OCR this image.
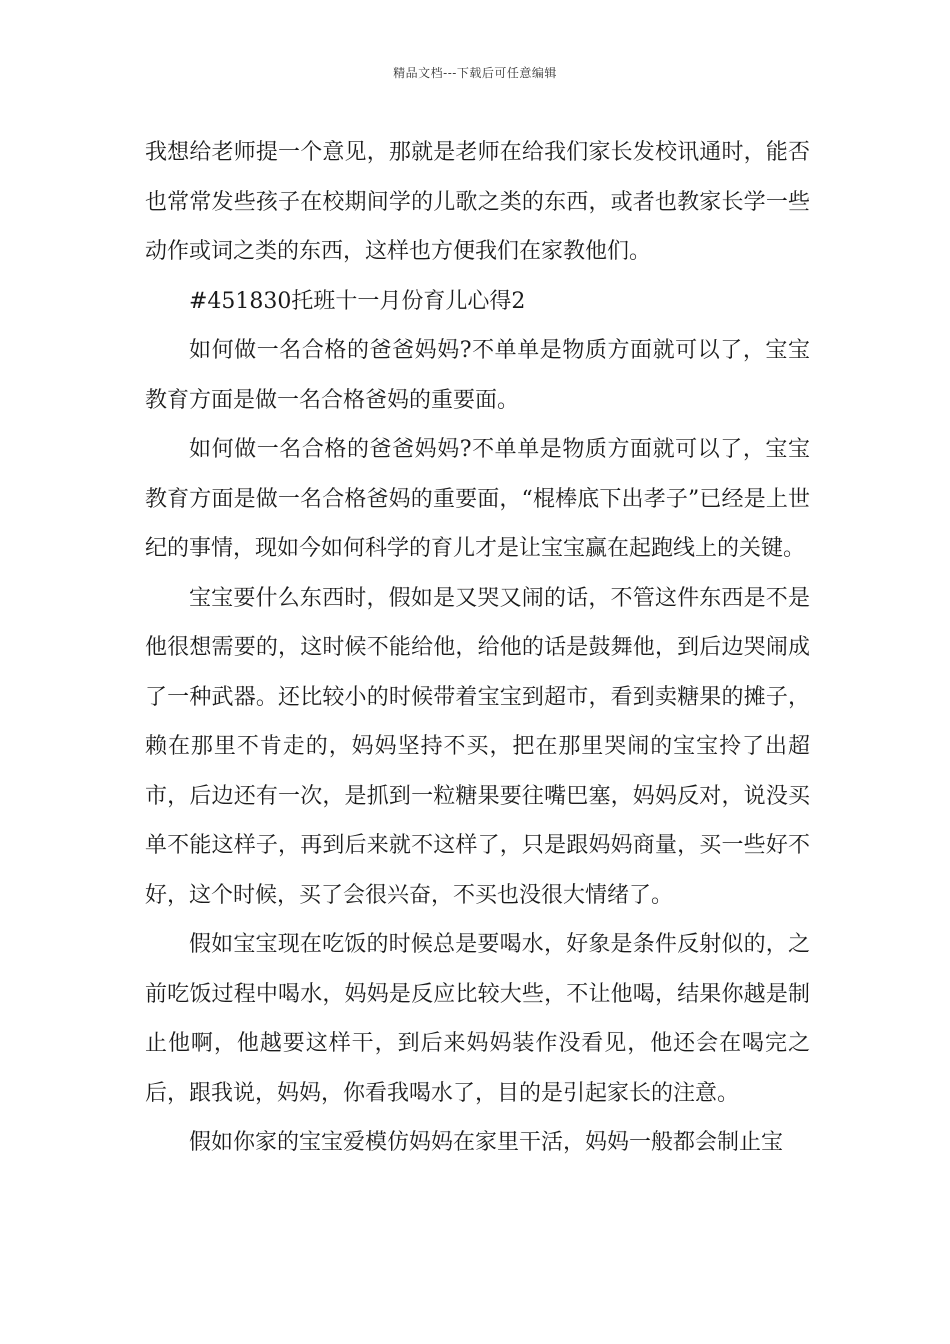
精品文档---下载后可任意编辑

我想给老师提一个意见，那就是老师在给我们家长发校讯通时，能否也常常发些孩子在校期间学的儿歌之类的东西，或者也教家长学一些动作或词之类的东西，这样也方便我们在家教他们。

#451830托班十一月份育儿心得2

如何做一名合格的爸爸妈妈?不单单是物质方面就可以了，宝宝教育方面是做一名合格爸妈的重要面。

如何做一名合格的爸爸妈妈?不单单是物质方面就可以了，宝宝教育方面是做一名合格爸妈的重要面，“棍棒底下出孝子”已经是上世纪的事情，现如今如何科学的育儿才是让宝宝赢在起跑线上的关键。

宝宝要什么东西时，假如是又哭又闹的话，不管这件东西是不是他很想需要的，这时候不能给他，给他的话是鼓舞他，到后边哭闹成了一种武器。还比较小的时候带着宝宝到超市，看到卖糖果的摊子，赖在那里不肯走的，妈妈坚持不买，把在那里哭闹的宝宝拎了出超市，后边还有一次，是抓到一粒糖果要往嘴巴塞，妈妈反对，说没买单不能这样子，再到后来就不这样了，只是跟妈妈商量，买一些好不好，这个时候，买了会很兴奋，不买也没很大情绪了。

假如宝宝现在吃饭的时候总是要喝水，好象是条件反射似的，之前吃饭过程中喝水，妈妈是反应比较大些，不让他喝，结果你越是制止他啊，他越要这样干，到后来妈妈装作没看见，他还会在喝完之后，跟我说，妈妈，你看我喝水了，目的是引起家长的注意。

假如你家的宝宝爱模仿妈妈在家里干活，妈妈一般都会制止宝
